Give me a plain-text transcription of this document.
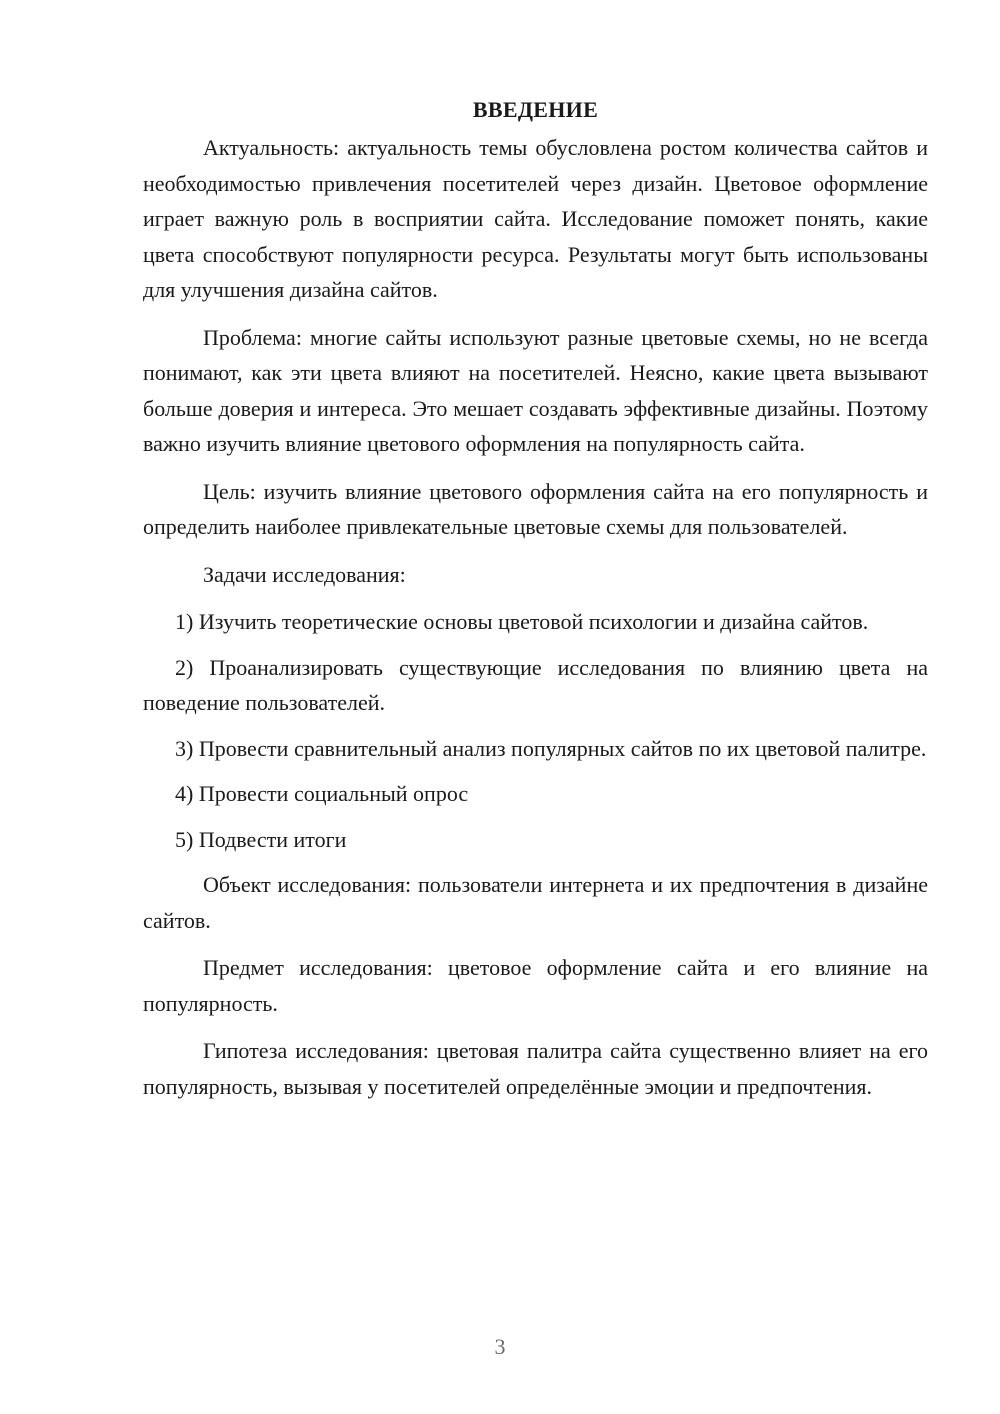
ВВЕДЕНИЕ

Актуальность: актуальность темы обусловлена ростом количества сайтов и необходимостью привлечения посетителей через дизайн. Цветовое оформление играет важную роль в восприятии сайта. Исследование поможет понять, какие цвета способствуют популярности ресурса. Результаты могут быть использованы для улучшения дизайна сайтов.

Проблема: многие сайты используют разные цветовые схемы, но не всегда понимают, как эти цвета влияют на посетителей. Неясно, какие цвета вызывают больше доверия и интереса. Это мешает создавать эффективные дизайны. Поэтому важно изучить влияние цветового оформления на популярность сайта.

Цель: изучить влияние цветового оформления сайта на его популярность и определить наиболее привлекательные цветовые схемы для пользователей.

Задачи исследования:

1) Изучить теоретические основы цветовой психологии и дизайна сайтов.

2) Проанализировать существующие исследования по влиянию цвета на поведение пользователей.

3) Провести сравнительный анализ популярных сайтов по их цветовой палитре.

4) Провести социальный опрос

5) Подвести итоги

Объект исследования: пользователи интернета и их предпочтения в дизайне сайтов.

Предмет исследования: цветовое оформление сайта и его влияние на популярность.

Гипотеза исследования: цветовая палитра сайта существенно влияет на его популярность, вызывая у посетителей определённые эмоции и предпочтения.

3
